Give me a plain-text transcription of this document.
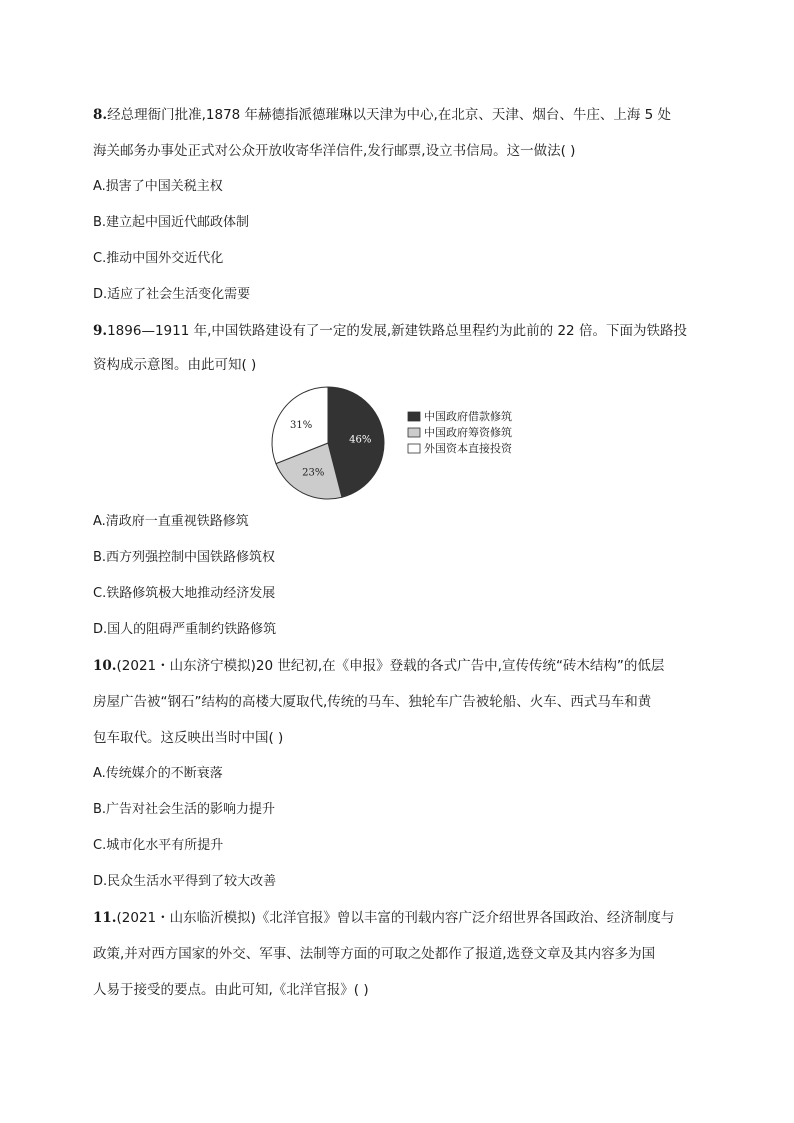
8.经总理衙门批准,1878 年赫德指派德璀琳以天津为中心,在北京、天津、烟台、牛庄、上海 5 处
海关邮务办事处正式对公众开放收寄华洋信件,发行邮票,设立书信局。这一做法( )
A.损害了中国关税主权
B.建立起中国近代邮政体制
C.推动中国外交近代化
D.适应了社会生活变化需要
9.1896—1911 年,中国铁路建设有了一定的发展,新建铁路总里程约为此前的 22 倍。下面为铁路投
资构成示意图。由此可知( )
46%
23%
31%
中国政府借款修筑
中国政府筹资修筑
外国资本直接投资
A.清政府一直重视铁路修筑
B.西方列强控制中国铁路修筑权
C.铁路修筑极大地推动经济发展
D.国人的阻碍严重制约铁路修筑
10.(2021・山东济宁模拟)20 世纪初,在《申报》登载的各式广告中,宣传传统“砖木结构”的低层
房屋广告被“钢石”结构的高楼大厦取代,传统的马车、独轮车广告被轮船、火车、西式马车和黄
包车取代。这反映出当时中国( )
A.传统媒介的不断衰落
B.广告对社会生活的影响力提升
C.城市化水平有所提升
D.民众生活水平得到了较大改善
11.(2021・山东临沂模拟)《北洋官报》曾以丰富的刊载内容广泛介绍世界各国政治、经济制度与
政策,并对西方国家的外交、军事、法制等方面的可取之处都作了报道,选登文章及其内容多为国
人易于接受的要点。由此可知,《北洋官报》( )
